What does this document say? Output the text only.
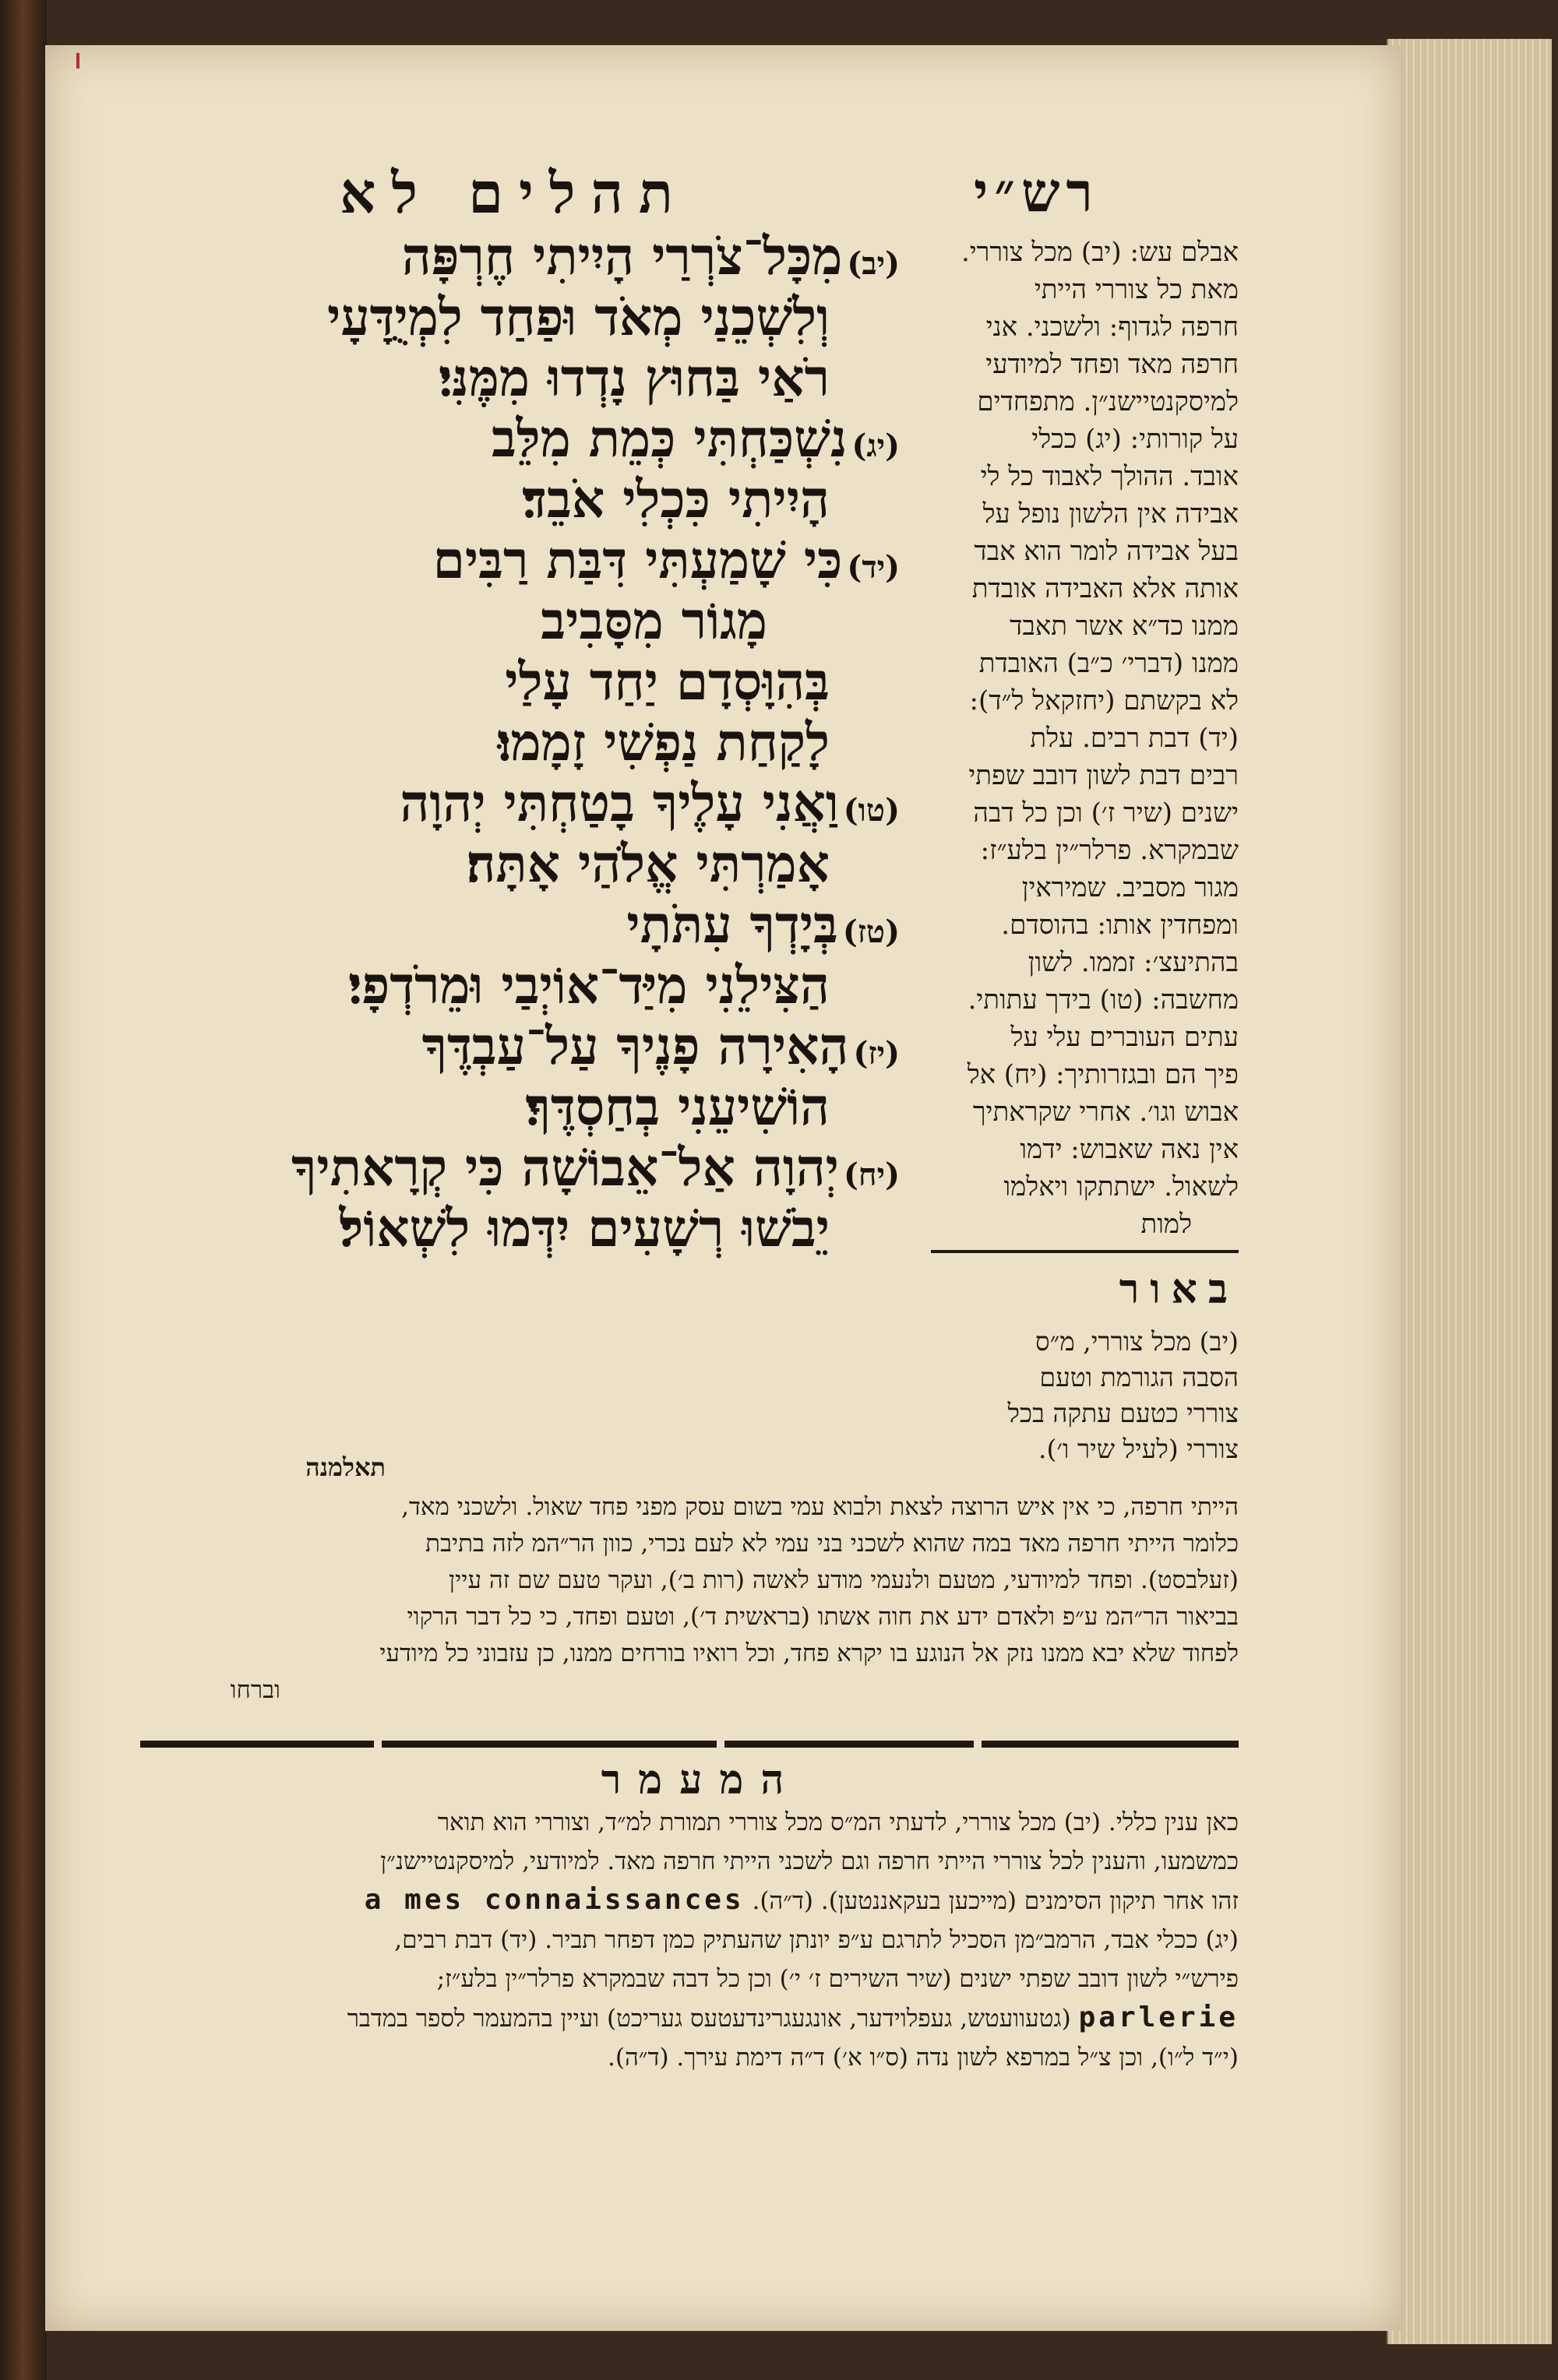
תהלים לא	רש״י
(יב)מִכָּל־צֹרְרַי הָיִיתִי חֶרְפָּה
וְלִשְׁכֵנַי מְאֹד וּפַחַד לִמְיֻדָּעָי
רֹאַי בַּחוּץ נָדְדוּ מִמֶּנִּי׃
(יג)נִשְׁכַּחְתִּי כְּמֵת מִלֵּב
הָיִיתִי כִּכְלִי אֹבֵד׃
(יד)כִּי שָׁמַעְתִּי דִּבַּת רַבִּים
מָגוֹר מִסָּבִיב
בְּהִוָּסְדָם יַחַד עָלַי
לָקַחַת נַפְשִׁי זָמָמוּ׃
(טו)וַאֲנִי עָלֶיךָ בָטַחְתִּי יְהוָה
אָמַרְתִּי אֱלֹהַי אָתָּה׃
(טז)בְּיָדְךָ עִתֹּתָי
הַצִּילֵנִי מִיַּד־אוֹיְבַי וּמֵרֹדְפָי׃
(יז)הָאִירָה פָנֶיךָ עַל־עַבְדֶּךָ
הוֹשִׁיעֵנִי בְחַסְדֶּךָ׃
(יח)יְהוָה אַל־אֵבוֹשָׁה כִּי קְרָאתִיךָ
יֵבֹשׁוּ רְשָׁעִים יִדְּמוּ לִשְׁאוֹל׃

אבלם עש: (יב) מכל צוררי.

מאת כל צוררי הייתי

חרפה לגדוף: ולשכני. אני

חרפה מאד ופחד למיודעי

למיסקנטיישנ״ן. מתפחדים

על קורותי: (יג) ככלי

אובד. ההולך לאבוד כל לי

אבידה אין הלשון נופל על

בעל אבידה לומר הוא אבד

אותה אלא האבידה אובדת

ממנו כד״א אשר תאבד

ממנו (דברי׳ כ״ב) האובדת

לא בקשתם (יחזקאל ל״ד):

(יד) דבת רבים. עלת

רבים דבת לשון דובב שפתי

ישנים (שיר ז׳) וכן כל דבה

שבמקרא. פרלר״ין בלע״ז:

מגור מסביב. שמיראין

ומפחדין אותו: בהוסדם.

בהתיעצ׳: זממו. לשון

מחשבה: (טו) בידך עתותי.

עתים העוברים עלי על

פיך הם ובגזרותיך: (יח) אל

אבוש וגו׳. אחרי שקראתיך

אין נאה שאבוש: ידמו

לשאול. ישתתקו ויאלמו

למות

באור

(יב) מכל צוררי, מ״ס

הסבה הגורמת וטעם

צוררי כטעם עתקה בכל

צוררי (לעיל שיר ו׳).

תאלמנה

הייתי חרפה, כי אין איש הרוצה לצאת ולבוא עמי בשום עסק מפני פחד שאול. ולשכני מאד,

כלומר הייתי חרפה מאד במה שהוא לשכני בני עמי לא לעם נכרי, כוון הר״המ לזה בתיבת

(זעלבסט). ופחד למיודעי, מטעם ולנעמי מודע לאשה (רות ב׳), ועקר טעם שם זה עיין

בביאור הר״המ ע״פ ולאדם ידע את חוה אשתו (בראשית ד׳), וטעם ופחד, כי כל דבר הרקוי

לפחוד שלא יבא ממנו נזק אל הנוגע בו יקרא פחד, וכל רואיו בורחים ממנו, כן עזבוני כל מיודעי

וברחו

המעמר

כאן ענין כללי. (יב) מכל צוררי, לדעתי המ״ס מכל צוררי תמורת למ״ד, וצוררי הוא תואר

כמשמעו, והענין לכל צוררי הייתי חרפה וגם לשכני הייתי חרפה מאד. למיודעי, למיסקנטיישנ״ן

זהו אחר תיקון הסימנים (מייכען בעקאננטען). (ד״ה). a mes connaissances

(יג) ככלי אבד, הרמב״מן הסכיל לתרגם ע״פ יונתן שהעתיק כמן דפחר תביר. (יד) דבת רבים,

פירש״י לשון דובב שפתי ישנים (שיר השירים ז׳ י׳) וכן כל דבה שבמקרא פרלר״ין בלע״ז;

parlerie (גטעוועטש, געפלוידער, אונגעגרינדעטעס געריכט) ועיין בהמעמר לספר במדבר

(י״ד ל״ו), וכן צ״ל במרפא לשון נדה (ס״ו א׳) ד״ה דימת עירך. (ד״ה).
